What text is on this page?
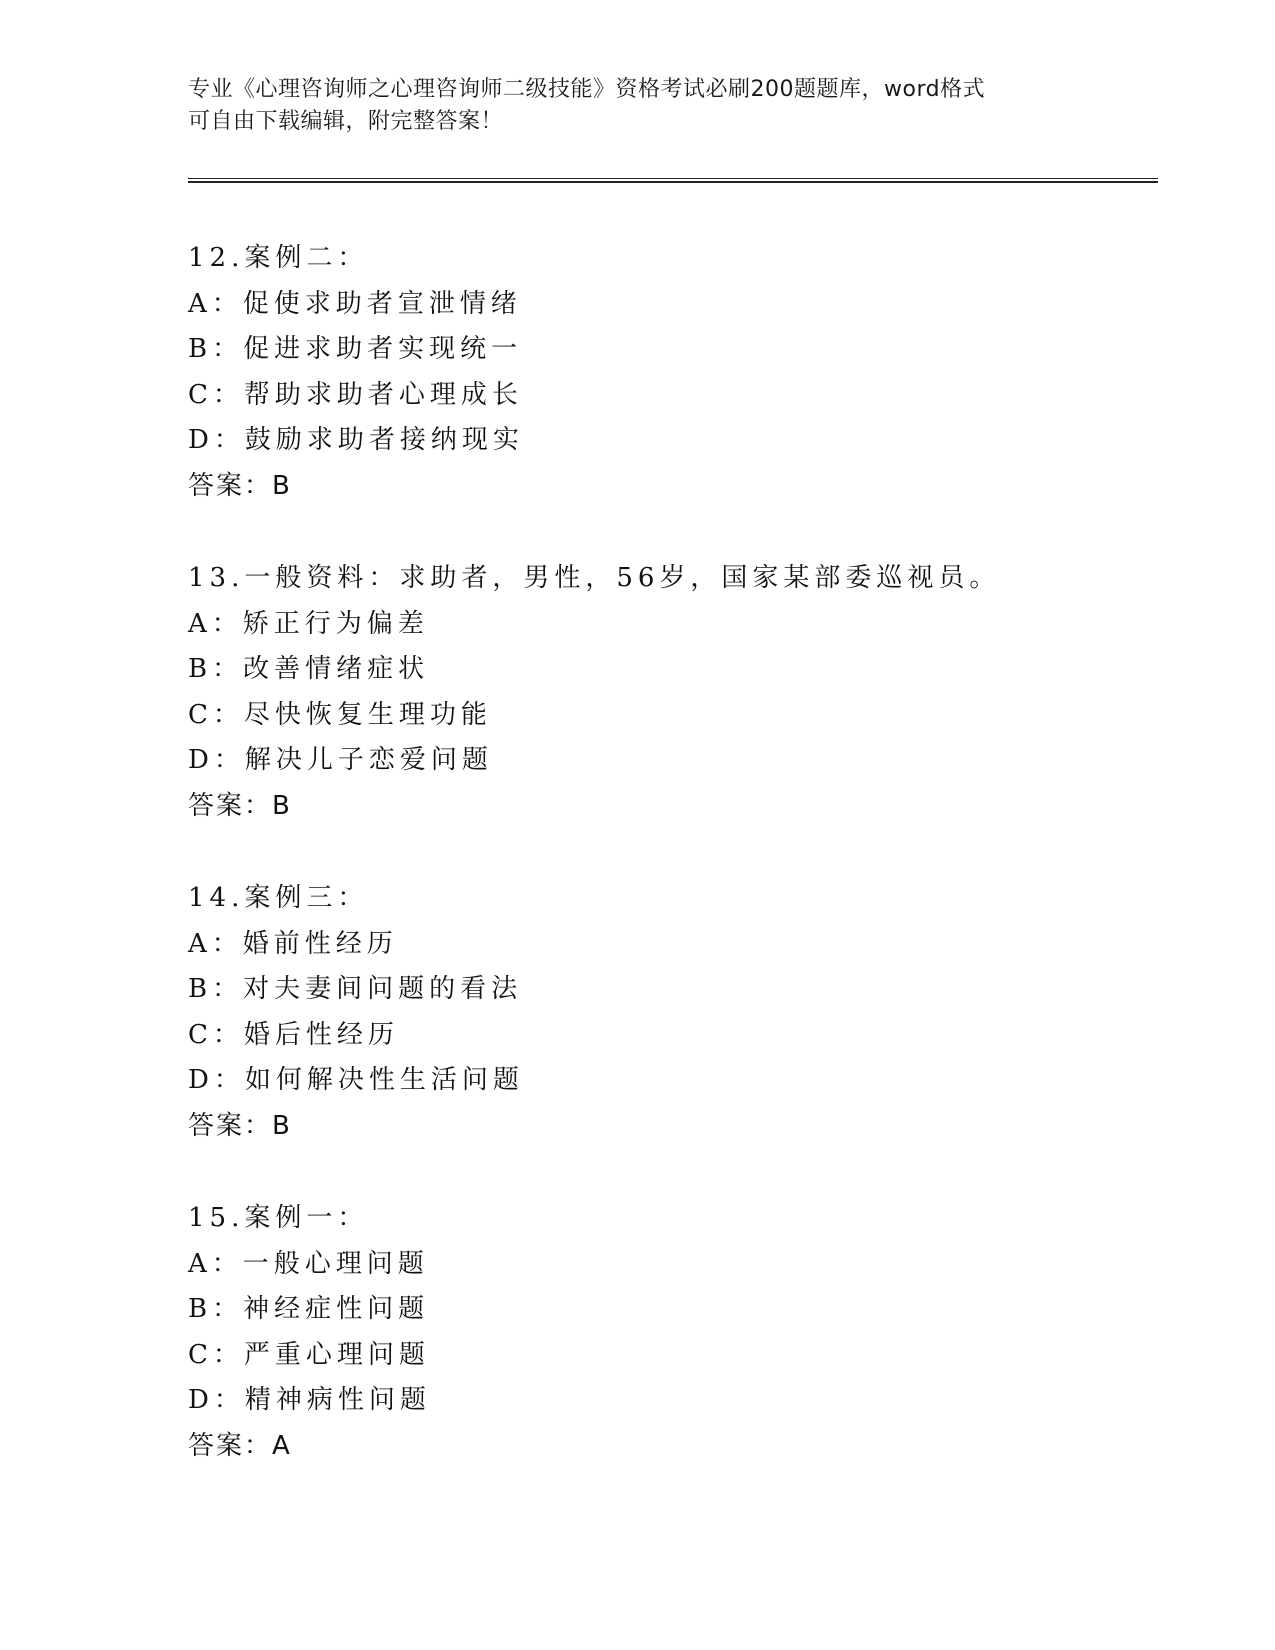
专业《心理咨询师之心理咨询师二级技能》资格考试必刷200题题库，word格式
可自由下载编辑，附完整答案！
12.案例二：
A：促使求助者宣泄情绪
B：促进求助者实现统一
C：帮助求助者心理成长
D：鼓励求助者接纳现实
答案：B
13.一般资料：求助者，男性，56岁，国家某部委巡视员。
A：矫正行为偏差
B：改善情绪症状
C：尽快恢复生理功能
D：解决儿子恋爱问题
答案：B
14.案例三：
A：婚前性经历
B：对夫妻间问题的看法
C：婚后性经历
D：如何解决性生活问题
答案：B
15.案例一：
A：一般心理问题
B：神经症性问题
C：严重心理问题
D：精神病性问题
答案：A
